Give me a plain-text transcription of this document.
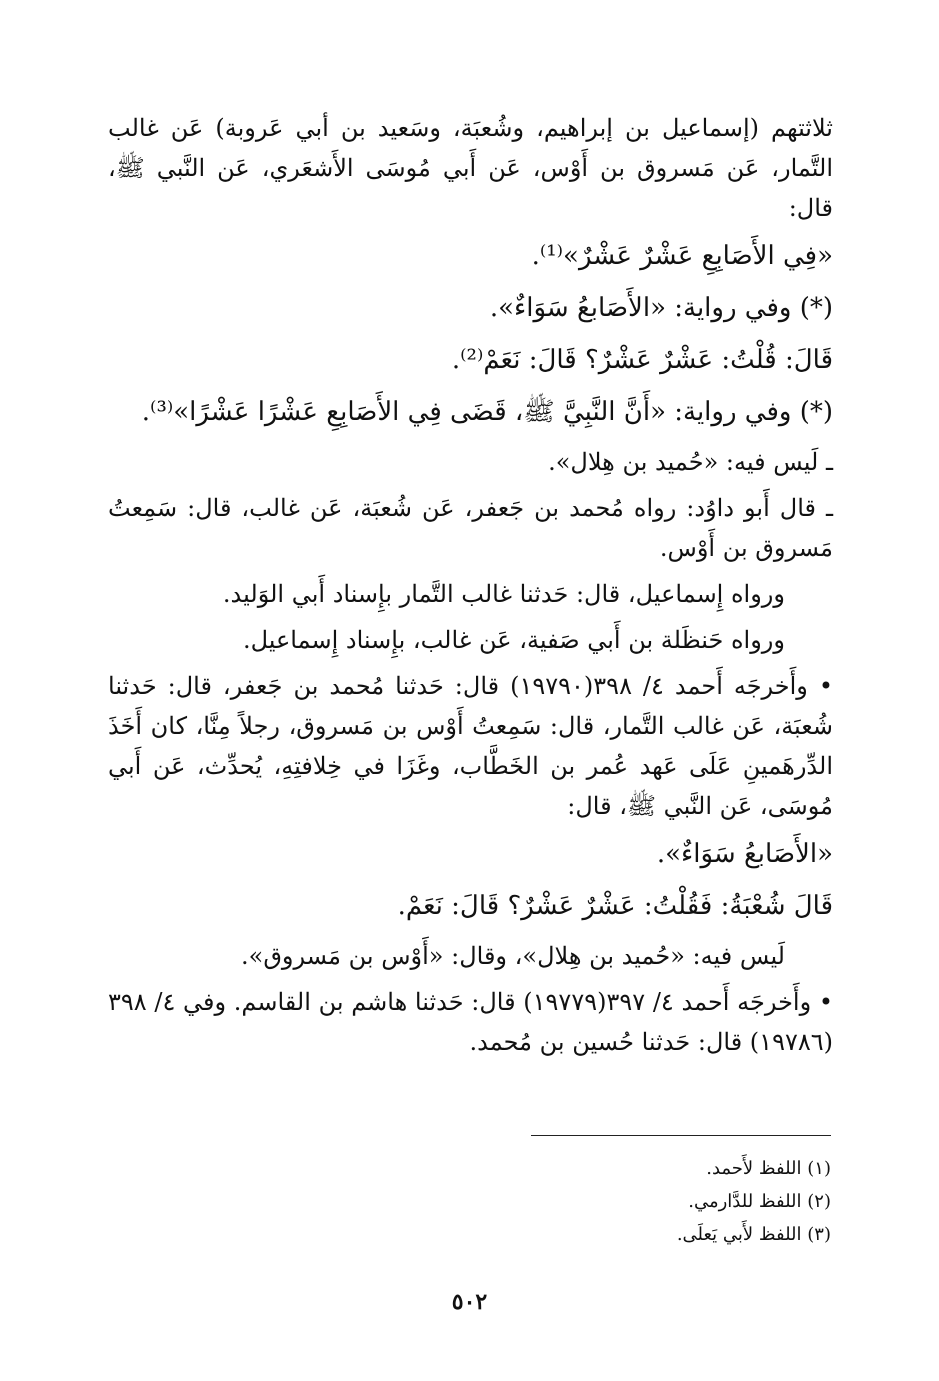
ثلاثتهم (إسماعيل بن إبراهيم، وشُعبَة، وسَعيد بن أبي عَروبة) عَن غالب التَّمار، عَن مَسروق بن أَوْس، عَن أَبي مُوسَى الأَشعَري، عَن النَّبي ﷺ، قال:

«فِي الأَصَابِعِ عَشْرٌ عَشْرٌ»⁽¹⁾.

(*) وفي رواية: «الأَصَابعُ سَوَاءٌ».

قَالَ: قُلْتُ: عَشْرٌ عَشْرٌ؟ قَالَ: نَعَمْ⁽²⁾.

(*) وفي رواية: «أَنَّ النَّبِيَّ ﷺ، قَضَى فِي الأَصَابِعِ عَشْرًا عَشْرًا»⁽³⁾.

ـ لَيس فيه: «حُميد بن هِلال».

ـ قال أَبو داوُد: رواه مُحمد بن جَعفر، عَن شُعبَة، عَن غالب، قال: سَمِعتُ مَسروق بن أَوْس.

ورواه إِسماعيل، قال: حَدثنا غالب التَّمار بإِسناد أَبي الوَليد.

ورواه حَنظَلة بن أَبي صَفية، عَن غالب، بإِسناد إِسماعيل.

• وأَخرجَه أَحمد ٤/ ٣٩٨(١٩٧٩٠) قال: حَدثنا مُحمد بن جَعفر، قال: حَدثنا شُعبَة، عَن غالب التَّمار، قال: سَمِعتُ أَوْس بن مَسروق، رجلاً مِنَّا، كان أَخَذَ الدِّرهَمينِ عَلَى عَهد عُمر بن الخَطَّاب، وغَزَا في خِلافتِهِ، يُحدِّث، عَن أَبي مُوسَى، عَن النَّبي ﷺ، قال:

«الأَصَابعُ سَوَاءٌ».

قَالَ شُعْبَةُ: فَقُلْتُ: عَشْرٌ عَشْرٌ؟ قَالَ: نَعَمْ.

لَيس فيه: «حُميد بن هِلال»، وقال: «أَوْس بن مَسروق».

• وأَخرجَه أَحمد ٤/ ٣٩٧(١٩٧٧٩) قال: حَدثنا هاشم بن القاسم. وفي ٤/ ٣٩٨ (١٩٧٨٦) قال: حَدثنا حُسين بن مُحمد.

(١) اللفظ لأَحمد.

(٢) اللفظ للدَّارمي.

(٣) اللفظ لأَبي يَعلَى.

٥٠٢
